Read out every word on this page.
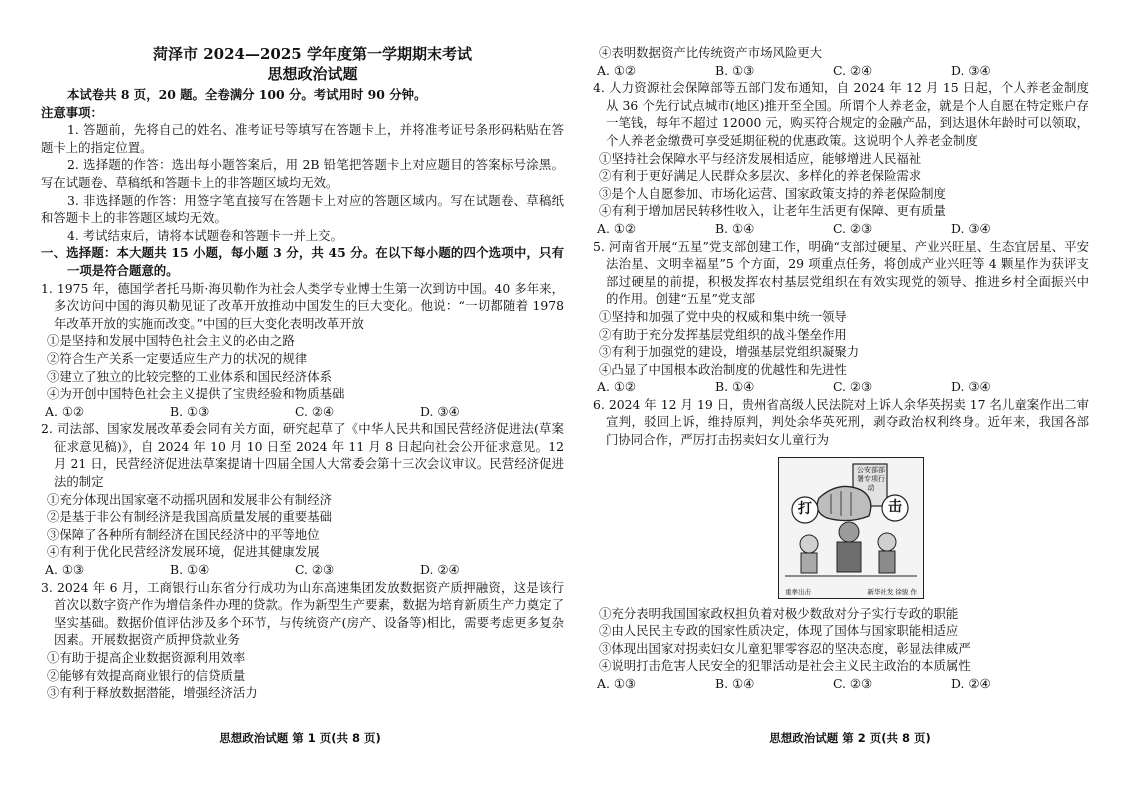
菏泽市 2024—2025 学年度第一学期期末考试
思想政治试题

本试卷共 8 页，20 题。全卷满分 100 分。考试用时 90 分钟。

注意事项：

1. 答题前，先将自己的姓名、准考证号等填写在答题卡上，并将准考证号条形码粘贴在答题卡上的指定位置。

2. 选择题的作答：选出每小题答案后，用 2B 铅笔把答题卡上对应题目的答案标号涂黑。写在试题卷、草稿纸和答题卡上的非答题区域均无效。

3. 非选择题的作答：用签字笔直接写在答题卡上对应的答题区域内。写在试题卷、草稿纸和答题卡上的非答题区域均无效。

4. 考试结束后，请将本试题卷和答题卡一并上交。

一、选择题：本大题共 15 小题，每小题 3 分，共 45 分。在以下每小题的四个选项中，只有一项是符合题意的。

1. 1975 年，德国学者托马斯·海贝勒作为社会人类学专业博士生第一次到访中国。40 多年来，多次访问中国的海贝勒见证了改革开放推动中国发生的巨大变化。他说：“一切都随着 1978 年改革开放的实施而改变。”中国的巨大变化表明改革开放

①是坚持和发展中国特色社会主义的必由之路

②符合生产关系一定要适应生产力的状况的规律

③建立了独立的比较完整的工业体系和国民经济体系

④为开创中国特色社会主义提供了宝贵经验和物质基础

A. ①②	B. ①③	C. ②④	D. ③④

2. 司法部、国家发展改革委会同有关方面，研究起草了《中华人民共和国民营经济促进法(草案征求意见稿)》，自 2024 年 10 月 10 日至 2024 年 11 月 8 日起向社会公开征求意见。12 月 21 日，民营经济促进法草案提请十四届全国人大常委会第十三次会议审议。民营经济促进法的制定

①充分体现出国家毫不动摇巩固和发展非公有制经济

②是基于非公有制经济是我国高质量发展的重要基础

③保障了各种所有制经济在国民经济中的平等地位

④有利于优化民营经济发展环境，促进其健康发展

A. ①③	B. ①④	C. ②③	D. ②④

3. 2024 年 6 月，工商银行山东省分行成功为山东高速集团发放数据资产质押融资，这是该行首次以数字资产作为增信条件办理的贷款。作为新型生产要素，数据为培育新质生产力奠定了坚实基础。数据价值评估涉及多个环节，与传统资产(房产、设备等)相比，需要考虑更多复杂因素。开展数据资产质押贷款业务

①有助于提高企业数据资源利用效率

②能够有效提高商业银行的信贷质量

③有利于释放数据潜能，增强经济活力

④表明数据资产比传统资产市场风险更大

A. ①②	B. ①③	C. ②④	D. ③④

4. 人力资源社会保障部等五部门发布通知，自 2024 年 12 月 15 日起，个人养老金制度从 36 个先行试点城市(地区)推开至全国。所谓个人养老金，就是个人自愿在特定账户存一笔钱，每年不超过 12000 元，购买符合规定的金融产品，到达退休年龄时可以领取，个人养老金缴费可享受延期征税的优惠政策。这说明个人养老金制度

①坚持社会保障水平与经济发展相适应，能够增进人民福祉

②有利于更好满足人民群众多层次、多样化的养老保险需求

③是个人自愿参加、市场化运营、国家政策支持的养老保险制度

④有利于增加居民转移性收入，让老年生活更有保障、更有质量

A. ①②	B. ①④	C. ②③	D. ③④

5. 河南省开展“五星”党支部创建工作，明确“支部过硬星、产业兴旺星、生态宜居星、平安法治星、文明幸福星”5 个方面，29 项重点任务，将创成产业兴旺等 4 颗星作为获评支部过硬星的前提，积极发挥农村基层党组织在有效实现党的领导、推进乡村全面振兴中的作用。创建“五星”党支部

①坚持和加强了党中央的权威和集中统一领导

②有助于充分发挥基层党组织的战斗堡垒作用

③有利于加强党的建设，增强基层党组织凝聚力

④凸显了中国根本政治制度的优越性和先进性

A. ①②	B. ①④	C. ②③	D. ③④

6. 2024 年 12 月 19 日，贵州省高级人民法院对上诉人余华英拐卖 17 名儿童案作出二审宣判，驳回上诉，维持原判，判处余华英死刑，剥夺政治权利终身。近年来，我国各部门协同合作，严厉打击拐卖妇女儿童行为

公安部部署专项行动
打	击
重拳出击	新华社发 徐骏 作

①充分表明我国国家政权担负着对极少数敌对分子实行专政的职能

②由人民民主专政的国家性质决定，体现了国体与国家职能相适应

③体现出国家对拐卖妇女儿童犯罪零容忍的坚决态度，彰显法律威严

④说明打击危害人民安全的犯罪活动是社会主义民主政治的本质属性

A. ①③	B. ①④	C. ②③	D. ②④
思想政治试题 第 1 页(共 8 页)	思想政治试题 第 2 页(共 8 页)
